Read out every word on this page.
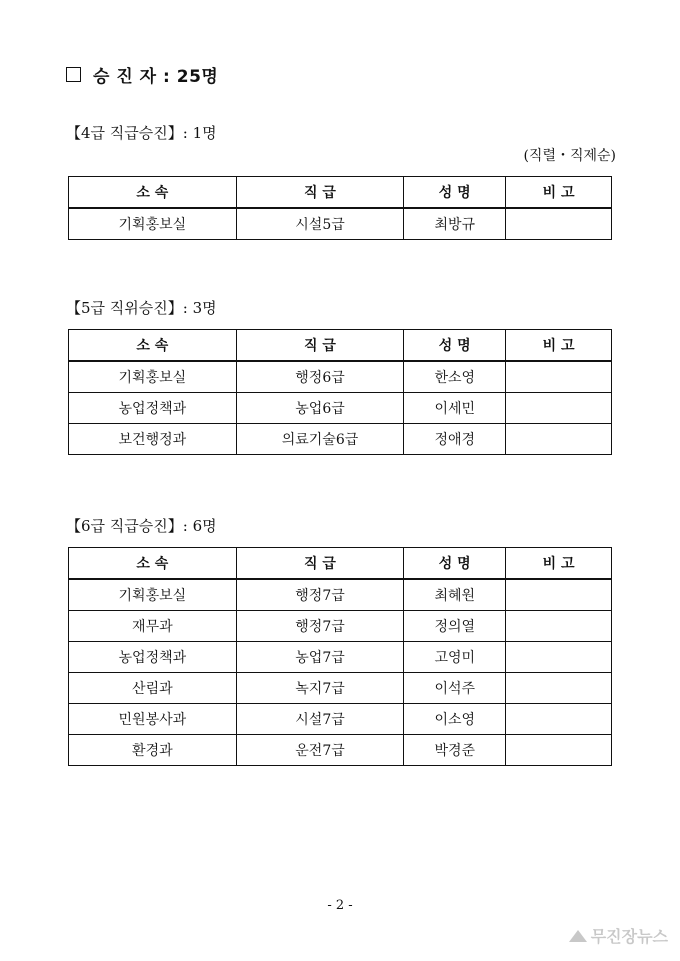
승 진 자 : 25명
【4급 직급승진】: 1명
(직렬・직제순)
소 속	직 급	성 명	비 고
기획홍보실	시설5급	최방규	
【5급 직위승진】: 3명
소 속	직 급	성 명	비 고
기획홍보실	행정6급	한소영	
농업정책과	농업6급	이세민	
보건행정과	의료기술6급	정애경	
【6급 직급승진】: 6명
소 속	직 급	성 명	비 고
기획홍보실	행정7급	최혜원	
재무과	행정7급	정의열	
농업정책과	농업7급	고영미	
산림과	녹지7급	이석주	
민원봉사과	시설7급	이소영	
환경과	운전7급	박경준	
- 2 -
무진장뉴스
